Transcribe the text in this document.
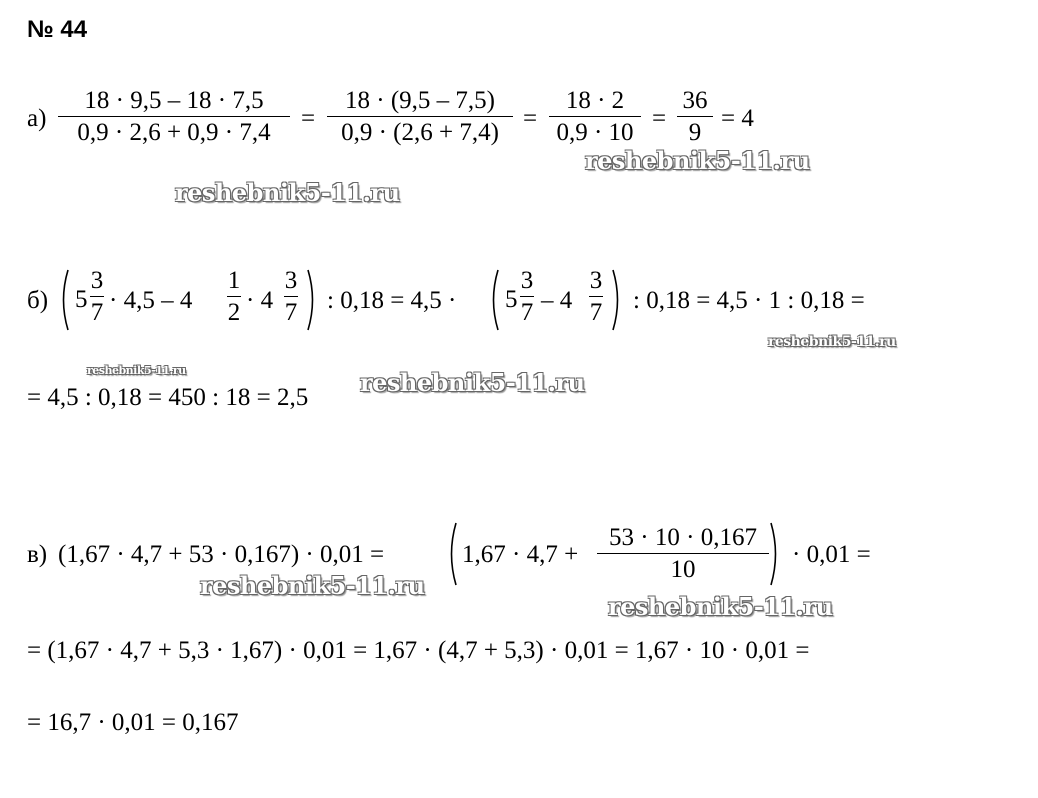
№ 44
а)
18 · 9,5 – 18 · 7,5
0,9 · 2,6 + 0,9 · 7,4
=
18 · (9,5 – 7,5)
0,9 · (2,6 + 7,4)
=
18 · 2
0,9 · 10
=
36
9
= 4
reshebnik5-11.ru
reshebnik5-11.ru
б) 5
3
7 · 4,5 – 4
1
2 · 4
3
7 : 0,18 = 4,5 · 5
3
7 – 4
3
7 : 0,18 = 4,5 · 1 : 0,18 =
reshebnik5-11.ru
reshebnik5-11.ru
= 4,5 : 0,18 = 450 : 18 = 2,5
reshebnik5-11.ru
в) (1,67 · 4,7 + 53 · 0,167) · 0,01 =	1,67 · 4,7 +
53 · 10 · 0,167
10
· 0,01 =
reshebnik5-11.ru
reshebnik5-11.ru
= (1,67 · 4,7 + 5,3 · 1,67) · 0,01 = 1,67 · (4,7 + 5,3) · 0,01 = 1,67 · 10 · 0,01 =
= 16,7 · 0,01 = 0,167
